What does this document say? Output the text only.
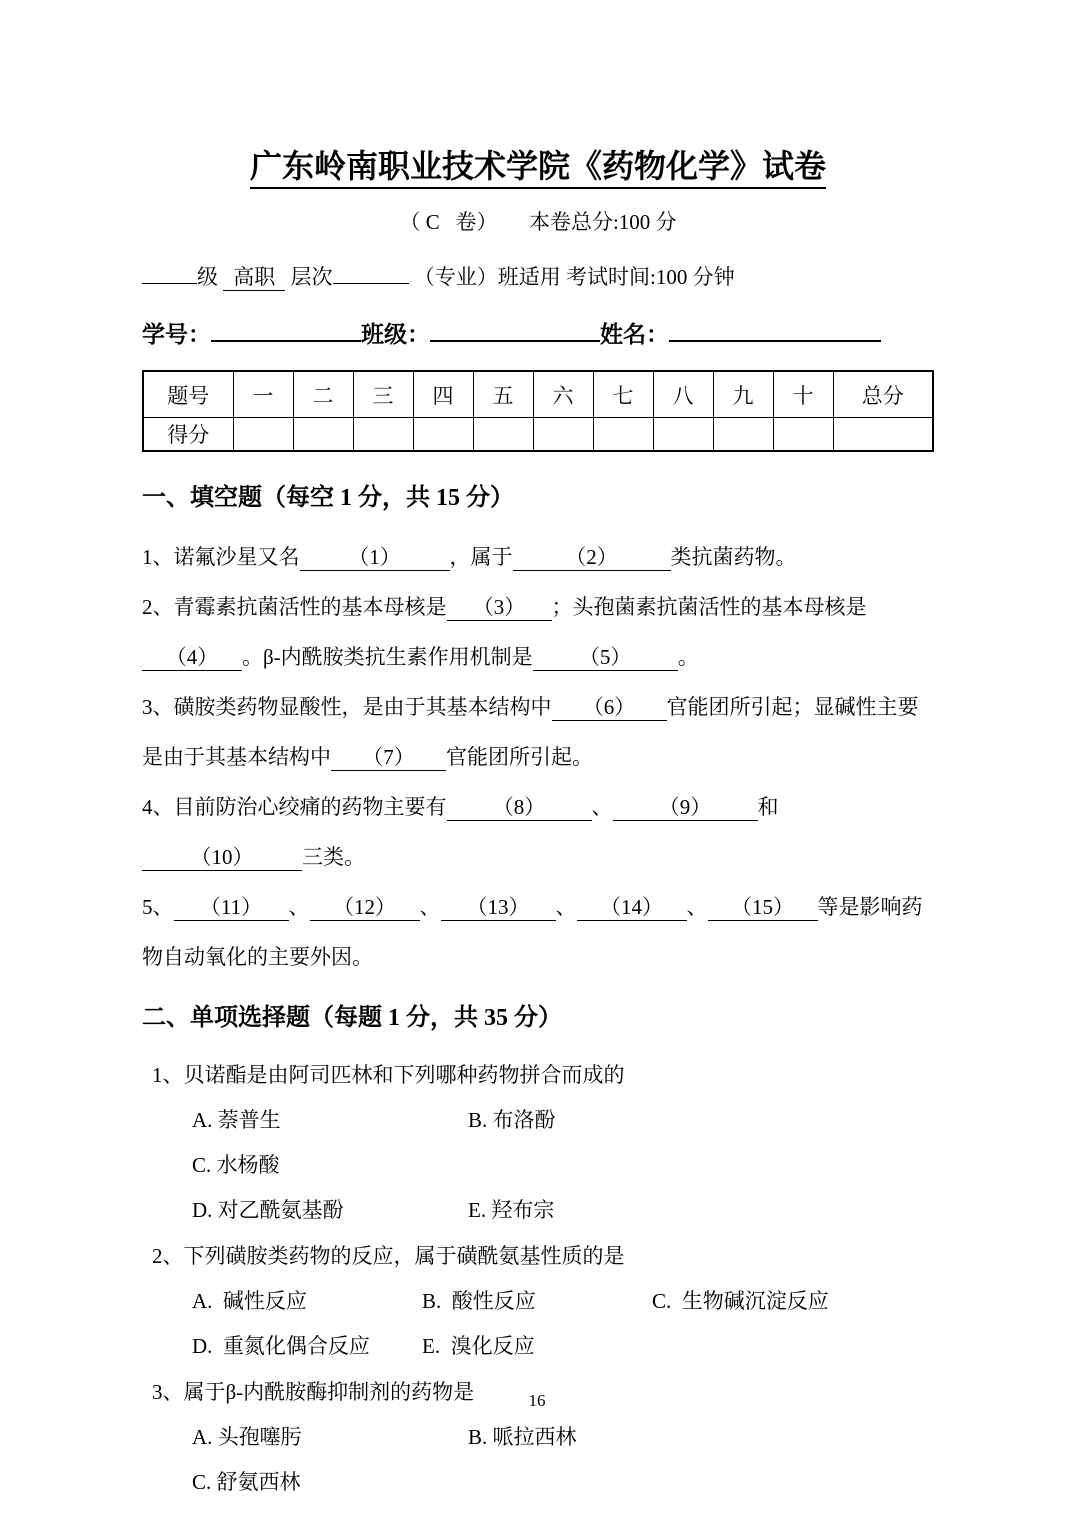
广东岭南职业技术学院《药物化学》试卷
（ C   卷）      本卷总分:100 分
级 高职 层次	（专业）班适用 考试时间:100 分钟
学号：	班级：	姓名：
题号	一	二	三	四	五	六	七	八	九	十	总分
得分											
一、填空题（每空 1 分，共 15 分）

1、诺氟沙星又名 （1） ，属于	（2）	类抗菌药物。

2、青霉素抗菌活性的基本母核是 （3） ；头孢菌素抗菌活性的基本母核是（4） 。β-内酰胺类抗生素作用机制是 （5） 。

3、磺胺类药物显酸性，是由于其基本结构中 （6） 官能团所引起；显碱性主要是由于其基本结构中 （7） 官能团所引起。

4、目前防治心绞痛的药物主要有 （8） 、 （9） 和（10） 三类。

5、 （11） 、 （12） 、 （13） 、 （14） 、 （15） 等是影响药物自动氧化的主要外因。

二、单项选择题（每题 1 分，共 35 分）

1、贝诺酯是由阿司匹林和下列哪种药物拼合而成的

A. 萘普生	B. 布洛酚C. 水杨酸
D. 对乙酰氨基酚	E. 羟布宗

2、下列磺胺类药物的反应，属于磺酰氨基性质的是

A.  碱性反应	B.  酸性反应	C.  生物碱沉淀反应
D.  重氮化偶合反应 E.  溴化反应

3、属于β-内酰胺酶抑制剂的药物是

A. 头孢噻肟	B. 哌拉西林C. 舒氨西林
16
